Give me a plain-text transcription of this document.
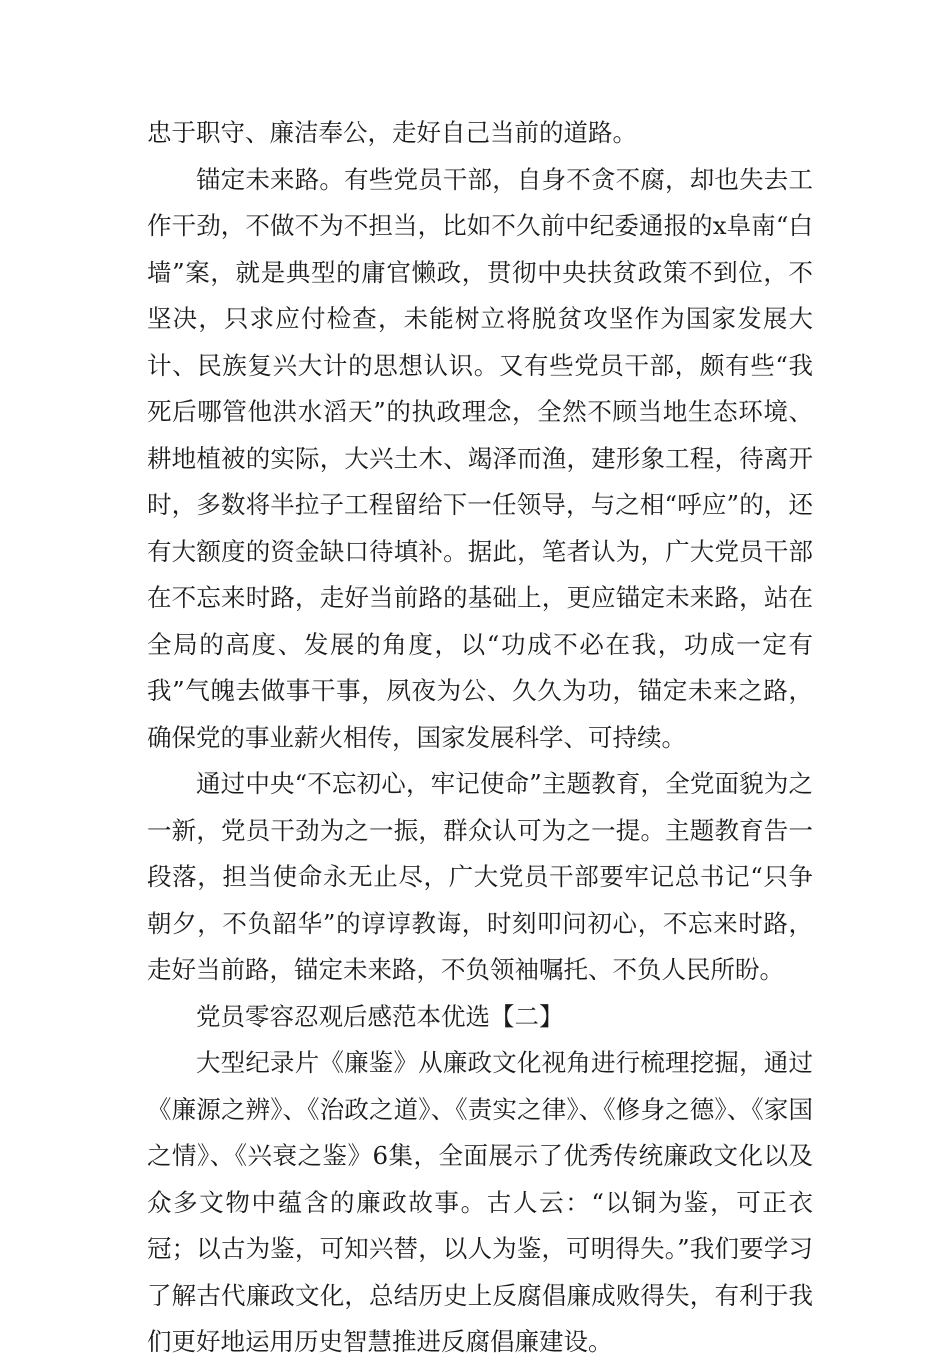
忠于职守、廉洁奉公，走好自己当前的道路。

锚定未来路。有些党员干部，自身不贪不腐，却也失去工作干劲，不做不为不担当，比如不久前中纪委通报的x阜南“白墙”案，就是典型的庸官懒政，贯彻中央扶贫政策不到位，不坚决，只求应付检查，未能树立将脱贫攻坚作为国家发展大计、民族复兴大计的思想认识。又有些党员干部，颇有些“我死后哪管他洪水滔天”的执政理念，全然不顾当地生态环境、耕地植被的实际，大兴土木、竭泽而渔，建形象工程，待离开时，多数将半拉子工程留给下一任领导，与之相“呼应”的，还有大额度的资金缺口待填补。据此，笔者认为，广大党员干部在不忘来时路，走好当前路的基础上，更应锚定未来路，站在全局的高度、发展的角度，以“功成不必在我，功成一定有我”气魄去做事干事，夙夜为公、久久为功，锚定未来之路，确保党的事业薪火相传，国家发展科学、可持续。

通过中央“不忘初心，牢记使命”主题教育，全党面貌为之一新，党员干劲为之一振，群众认可为之一提。主题教育告一段落，担当使命永无止尽，广大党员干部要牢记总书记“只争朝夕，不负韶华”的谆谆教诲，时刻叩问初心，不忘来时路，走好当前路，锚定未来路，不负领袖嘱托、不负人民所盼。

党员零容忍观后感范本优选【二】

大型纪录片《廉鉴》从廉政文化视角进行梳理挖掘，通过《廉源之辨》、《治政之道》、《责实之律》、《修身之德》、《家国之情》、《兴衰之鉴》6集，全面展示了优秀传统廉政文化以及众多文物中蕴含的廉政故事。古人云：“以铜为鉴，可正衣冠；以古为鉴，可知兴替，以人为鉴，可明得失。”我们要学习了解古代廉政文化，总结历史上反腐倡廉成败得失，有利于我们更好地运用历史智慧推进反腐倡廉建设。
